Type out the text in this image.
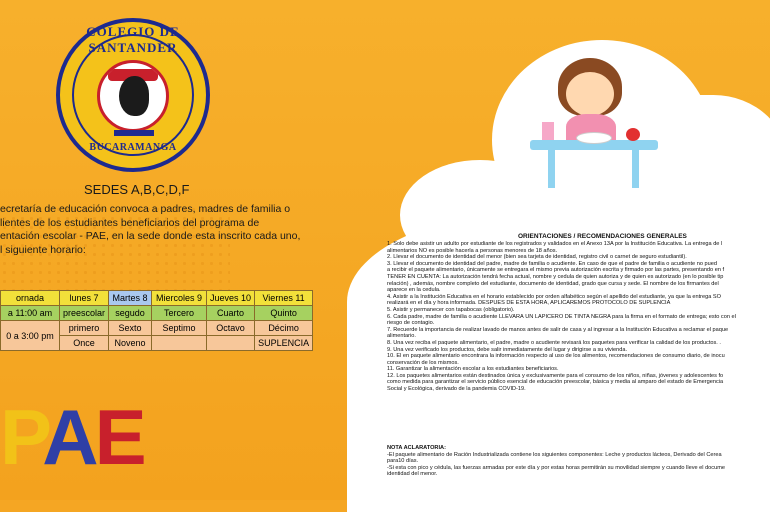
COLEGIO DE SANTANDER
BUCARAMANGA
SEDES A,B,C,D,F
ecretaría de educación convoca a padres, madres de familia o
lientes de los estudiantes beneficiarios del programa de
entación escolar - PAE, en la sede donde esta inscrito cada uno,
l siguiente horario:
ornada	lunes 7	Martes 8	Miercoles 9	Jueves 10	Viernes 11
a 11:00 am	preescolar	segudo	Tercero	Cuarto	Quinto
0 a 3:00 pm	primero	Sexto	Septimo	Octavo	Décimo
	Once	Noveno			SUPLENCIA
PAE
ORIENTACIONES / RECOMENDACIONES GENERALES
1. Solo debe asistir un adulto por estudiante de los registrados y validados en el Anexo 13A por la Institución Educativa. La entrega de l
alimentarios NO es posible hacerla a personas menores de 18 años.
2. Llevar el documento de identidad del menor (bien sea tarjeta de identidad, registro civil o carnet de seguro estudiantil).
3. Llevar el documento de identidad del padre, madre de familia o acudiente. En caso de que el padre de familia o acudiente no pued
a recibir el paquete alimentario, únicamente se entregara el mismo previa autorización escrita y firmado por las partes, presentando en f
TENER EN CUENTA: La autorización tendrá fecha actual, nombre y cedula de quien autoriza y de quien es autorizado (en lo posible tip
relación) , además, nombre completo del estudiante, documento de identidad, grado que cursa y sede. El nombre de los firmantes del
aparece en la cedula.
4. Asistir a la Institución Educativa en el horario establecido por orden alfabético según el apellido del estudiante, ya que la entrega SO
realizará en el día y hora informada. DESPUES DE ESTA HORA, APLICAREMOS PROTOCOLO DE SUPLENCIA
5. Asistir y permanecer con tapabocas (obligatorio).
6. Cada padre, madre de familia o acudiente LLEVARÁ UN LAPICERO DE TINTA NEGRA para la firma en el formato de entrega; esto con el
riesgo de contagio.
7. Recuerde la importancia de realizar lavado de manos antes de salir de casa y al ingresar a la Institución Educativa a reclamar el paque
alimentario.
8. Una vez reciba el paquete alimentario, el padre, madre o acudiente revisará los paquetes para verificar la calidad de los productos. .
9. Una vez verificado los productos, debe salir inmediatamente del lugar y dirigirse a su vivienda.
10. El en paquete alimentario encontrara la información respecto al uso de los alimentos, recomendaciones de consumo diario, de inocu
conservación de los mismos.
11. Garantizar la alimentación escolar a los estudiantes beneficiarios.
12. Los paquetes alimentarios están destinados única y exclusivamente para el consumo de los niños, niñas, jóvenes y adolescentes fo
como medida para garantizar el servicio público esencial de educación preescolar, básica y media al amparo del estado de Emergencia
Social y Ecológica, derivado de la pandemia COVID-19.
NOTA ACLARATORIA:
-El paquete alimentario de Ración Industrializada contiene los siguientes componentes: Leche y productos lácteos, Derivado del Cerea
para10 días.
-Si esta con pico y cédula, las fuerzas armadas por este día y por estas horas permitirán su movilidad siempre y cuando lleve el docume
identidad del menor.
